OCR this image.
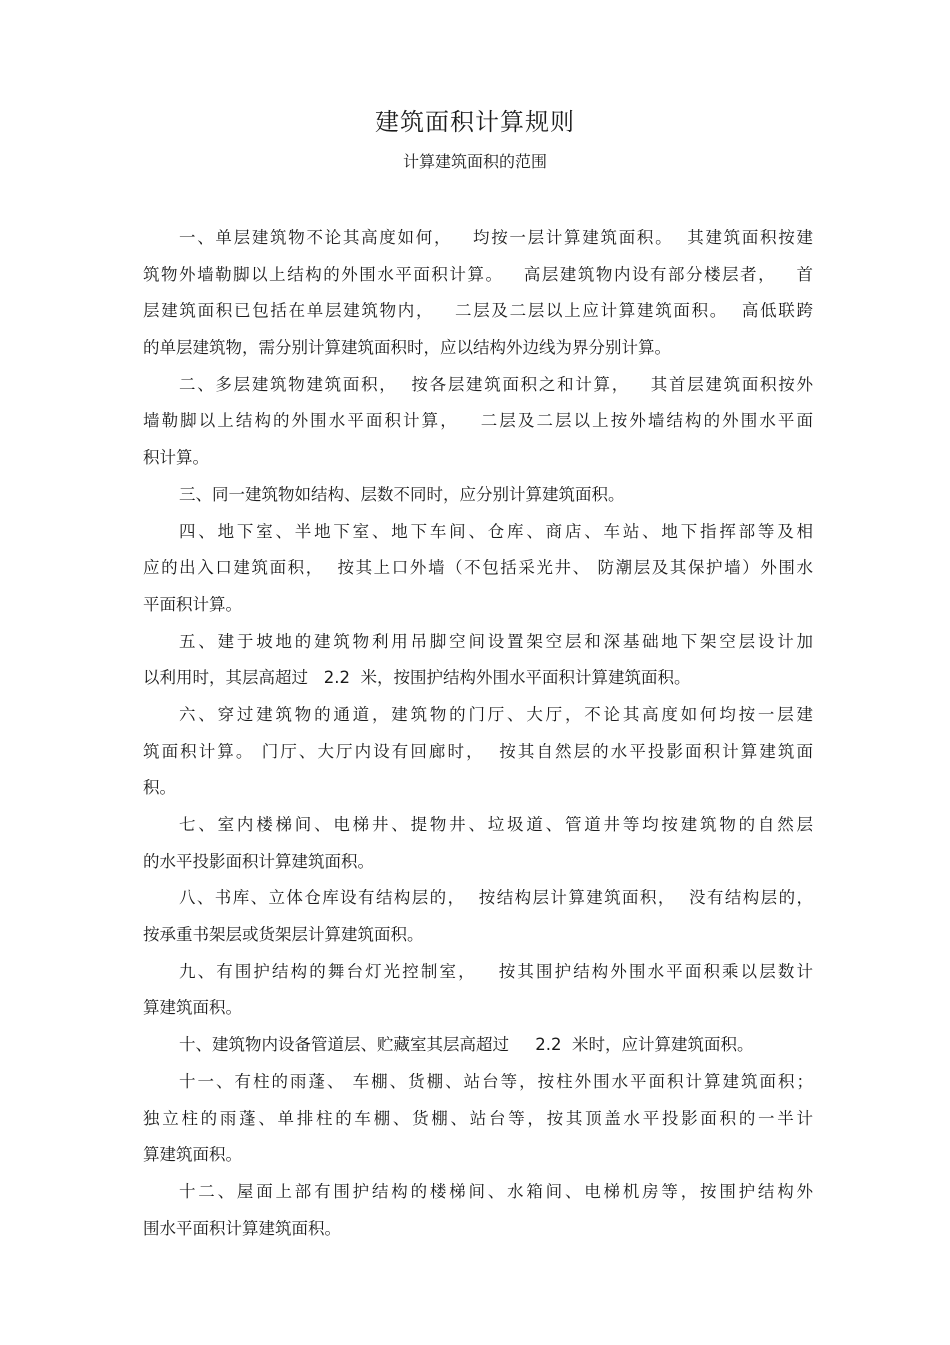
建筑面积计算规则
计算建筑面积的范围
一、单层建筑物不论其高度如何，   均按一层计算建筑面积。  其建筑面积按建
筑物外墙勒脚以上结构的外围水平面积计算。   高层建筑物内设有部分楼层者，   首
层建筑面积已包括在单层建筑物内，   二层及二层以上应计算建筑面积。  高低联跨
的单层建筑物，需分别计算建筑面积时，应以结构外边线为界分别计算。
二、多层建筑物建筑面积，  按各层建筑面积之和计算，   其首层建筑面积按外
墙勒脚以上结构的外围水平面积计算，   二层及二层以上按外墙结构的外围水平面
积计算。
三、同一建筑物如结构、层数不同时，应分别计算建筑面积。
四、地下室、半地下室、地下车间、仓库、商店、车站、地下指挥部等及相
应的出入口建筑面积，  按其上口外墙（不包括采光井、 防潮层及其保护墙）外围水
平面积计算。
五、建于坡地的建筑物利用吊脚空间设置架空层和深基础地下架空层设计加
以利用时，其层高超过   2.2  米，按围护结构外围水平面积计算建筑面积。
六、穿过建筑物的通道，建筑物的门厅、大厅，不论其高度如何均按一层建
筑面积计算。 门厅、大厅内设有回廊时，  按其自然层的水平投影面积计算建筑面
积。
七、室内楼梯间、电梯井、提物井、垃圾道、管道井等均按建筑物的自然层
的水平投影面积计算建筑面积。
八、书库、立体仓库设有结构层的，  按结构层计算建筑面积，  没有结构层的，
按承重书架层或货架层计算建筑面积。
九、有围护结构的舞台灯光控制室，   按其围护结构外围水平面积乘以层数计
算建筑面积。
十、建筑物内设备管道层、贮藏室其层高超过     2.2  米时，应计算建筑面积。
十一、有柱的雨蓬、 车棚、货棚、站台等，按柱外围水平面积计算建筑面积；
独立柱的雨蓬、单排柱的车棚、货棚、站台等，按其顶盖水平投影面积的一半计
算建筑面积。
十二、屋面上部有围护结构的楼梯间、水箱间、电梯机房等，按围护结构外
围水平面积计算建筑面积。
